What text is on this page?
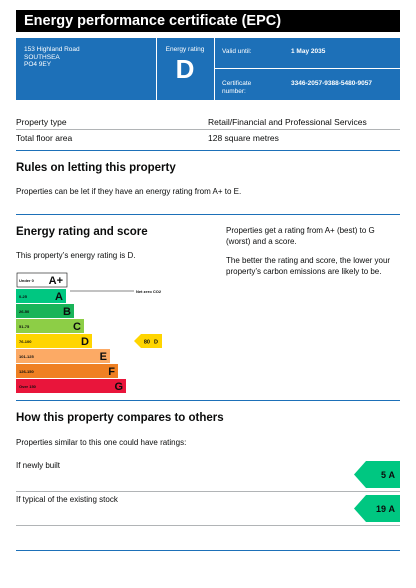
Energy performance certificate (EPC)
153 Highland Road
SOUTHSEA
PO4 9EY
Energy rating
D
Valid until:	1 May 2035
Certificate number:
3346-2057-9388-5480-9057
Property type	Retail/Financial and Professional Services
Total floor area	128 square metres
Rules on letting this property
Properties can be let if they have an energy rating from A+ to E.
Energy rating and score
This property’s energy rating is D.
Properties get a rating from A+ (best) to G (worst) and a score.
The better the rating and score, the lower your property’s carbon emissions are likely to be.
Under 0 A+
0-25	A
26-50	B
51-75	C
76-100	D
101-125	E
126-150	F
Over 150	G
Net zero CO2
80 D
How this property compares to others
Properties similar to this one could have ratings:
If newly built
5 A
If typical of the existing stock
19 A
